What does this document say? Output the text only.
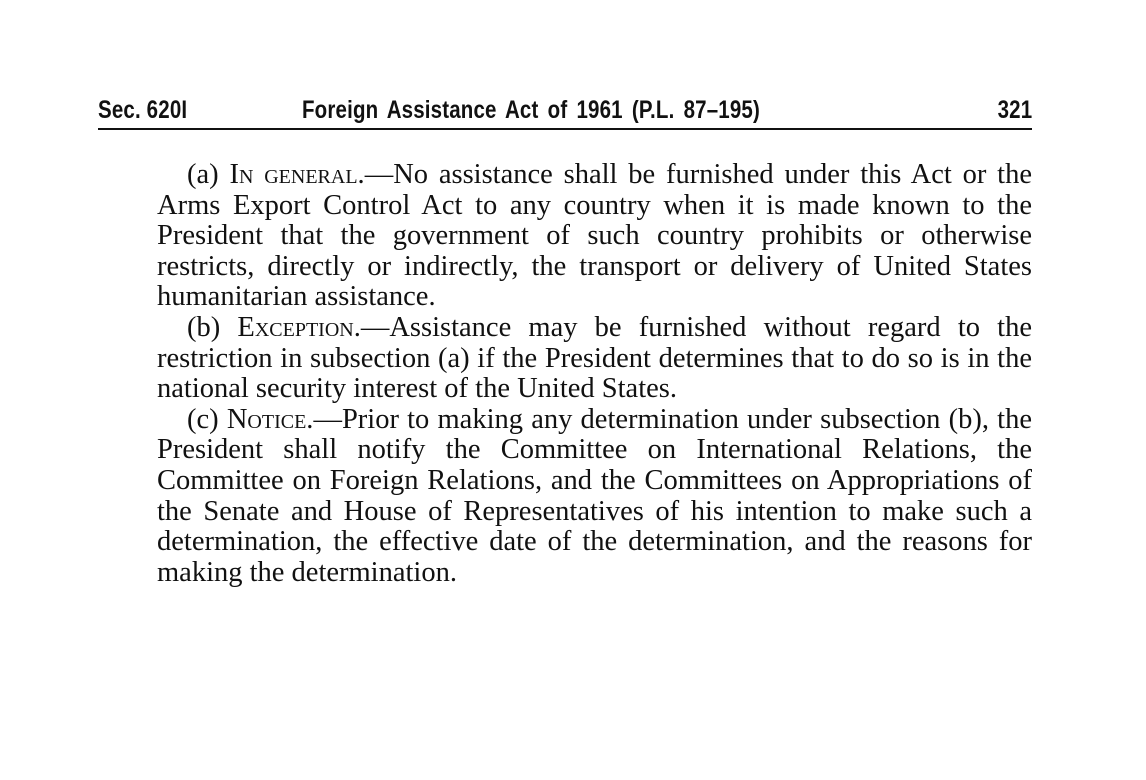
Sec. 620I	Foreign Assistance Act of 1961 (P.L. 87–195)	321

(a) In general.—No assistance shall be furnished under this Act or the Arms Export Control Act to any country when it is made known to the President that the government of such country prohibits or otherwise restricts, directly or indirectly, the transport or delivery of United States humanitarian assistance.

(b) Exception.—Assistance may be furnished without regard to the restriction in subsection (a) if the President determines that to do so is in the national security interest of the United States.

(c) Notice.—Prior to making any determination under subsection (b), the President shall notify the Committee on International Relations, the Committee on Foreign Relations, and the Committees on Appropriations of the Senate and House of Representatives of his intention to make such a determination, the effective date of the determination, and the reasons for making the determination.
